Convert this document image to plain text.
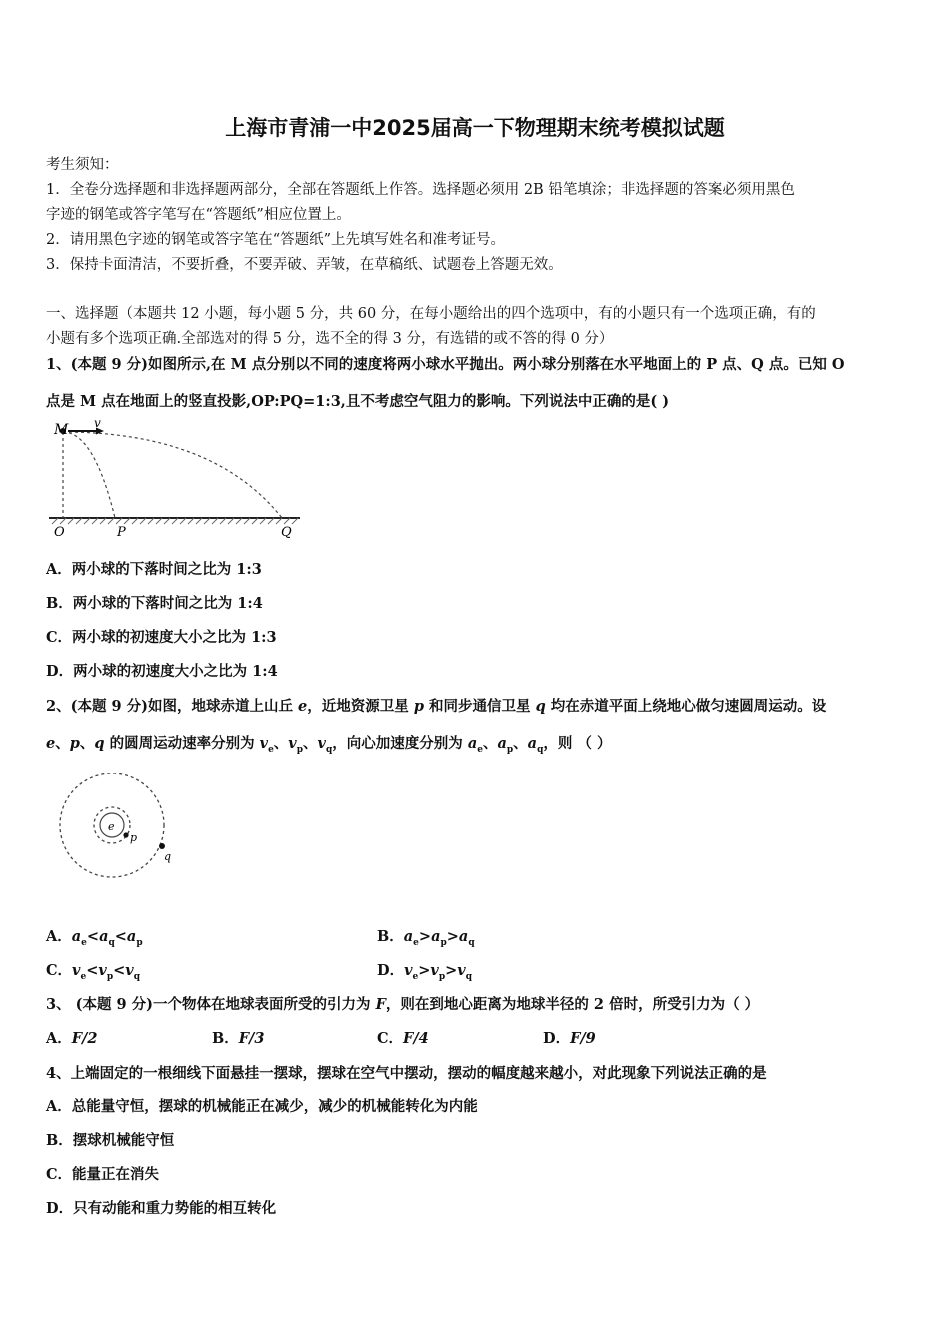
上海市青浦一中2025届高一下物理期末统考模拟试题
考生须知：
1．全卷分选择题和非选择题两部分，全部在答题纸上作答。选择题必须用 2B 铅笔填涂；非选择题的答案必须用黑色
字迹的钢笔或答字笔写在“答题纸”相应位置上。
2．请用黑色字迹的钢笔或答字笔在“答题纸”上先填写姓名和准考证号。
3．保持卡面清洁，不要折叠，不要弄破、弄皱，在草稿纸、试题卷上答题无效。
一、选择题（本题共 12 小题，每小题 5 分，共 60 分，在每小题给出的四个选项中，有的小题只有一个选项正确，有的
小题有多个选项正确.全部选对的得 5 分，选不全的得 3 分，有选错的或不答的得 0 分）
1、(本题 9 分)如图所示,在 M 点分别以不同的速度将两小球水平抛出。两小球分别落在水平地面上的 P 点、Q 点。已知 O
点是 M 点在地面上的竖直投影,OP:PQ=1:3,且不考虑空气阻力的影响。下列说法中正确的是( )
M v
O	P	Q
A．两小球的下落时间之比为 1:3
B．两小球的下落时间之比为 1:4
C．两小球的初速度大小之比为 1:3
D．两小球的初速度大小之比为 1:4
2、(本题 9 分)如图，地球赤道上山丘 e，近地资源卫星 p 和同步通信卫星 q 均在赤道平面上绕地心做匀速圆周运动。设
e、p、q 的圆周运动速率分别为 $v_e$、$v_p$、$v_q$，向心加速度分别为 $a_e$、$a_p$、$a_q$，则 （ ）
e
p
q
A．$a_e<a_q<a_p$	B．$a_e>a_p>a_q$
C．$v_e<v_p<v_q$	D．$v_e>v_p>v_q$
3、 (本题 9 分)一个物体在地球表面所受的引力为 F，则在到地心距离为地球半径的 2 倍时，所受引力为（ ）
A．F/2	B．F/3	C．F/4	D．F/9
4、上端固定的一根细线下面悬挂一摆球，摆球在空气中摆动，摆动的幅度越来越小，对此现象下列说法正确的是
A．总能量守恒，摆球的机械能正在减少，减少的机械能转化为内能
B．摆球机械能守恒
C．能量正在消失
D．只有动能和重力势能的相互转化
